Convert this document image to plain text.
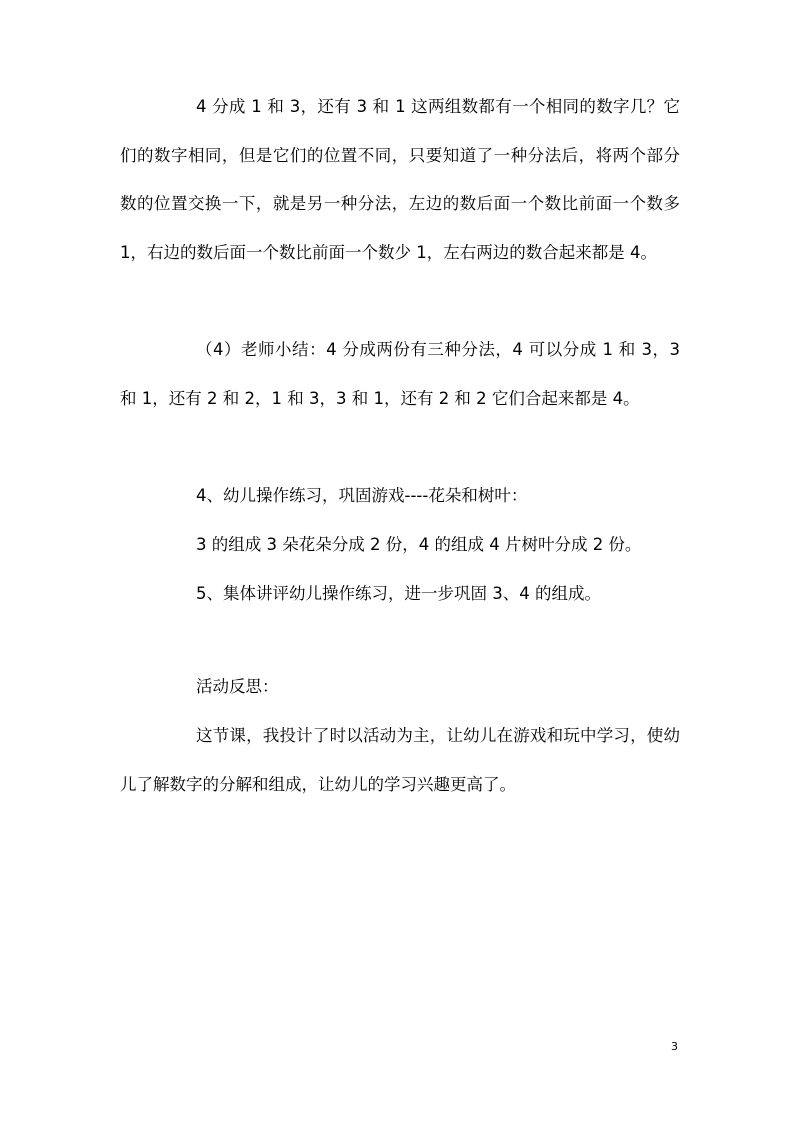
4 分成 1 和 3，还有 3 和 1 这两组数都有一个相同的数字几？它们的数字相同，但是它们的位置不同，只要知道了一种分法后，将两个部分数的位置交换一下，就是另一种分法，左边的数后面一个数比前面一个数多 1，右边的数后面一个数比前面一个数少 1，左右两边的数合起来都是 4。

（4）老师小结：4 分成两份有三种分法，4 可以分成 1 和 3，3 和 1，还有 2 和 2，1 和 3，3 和 1，还有 2 和 2 它们合起来都是 4。

4、幼儿操作练习，巩固游戏----花朵和树叶：

3 的组成 3 朵花朵分成 2 份，4 的组成 4 片树叶分成 2 份。

5、集体讲评幼儿操作练习，进一步巩固 3、4 的组成。

活动反思：

这节课，我投计了时以活动为主，让幼儿在游戏和玩中学习，使幼儿了解数字的分解和组成，让幼儿的学习兴趣更高了。

3
